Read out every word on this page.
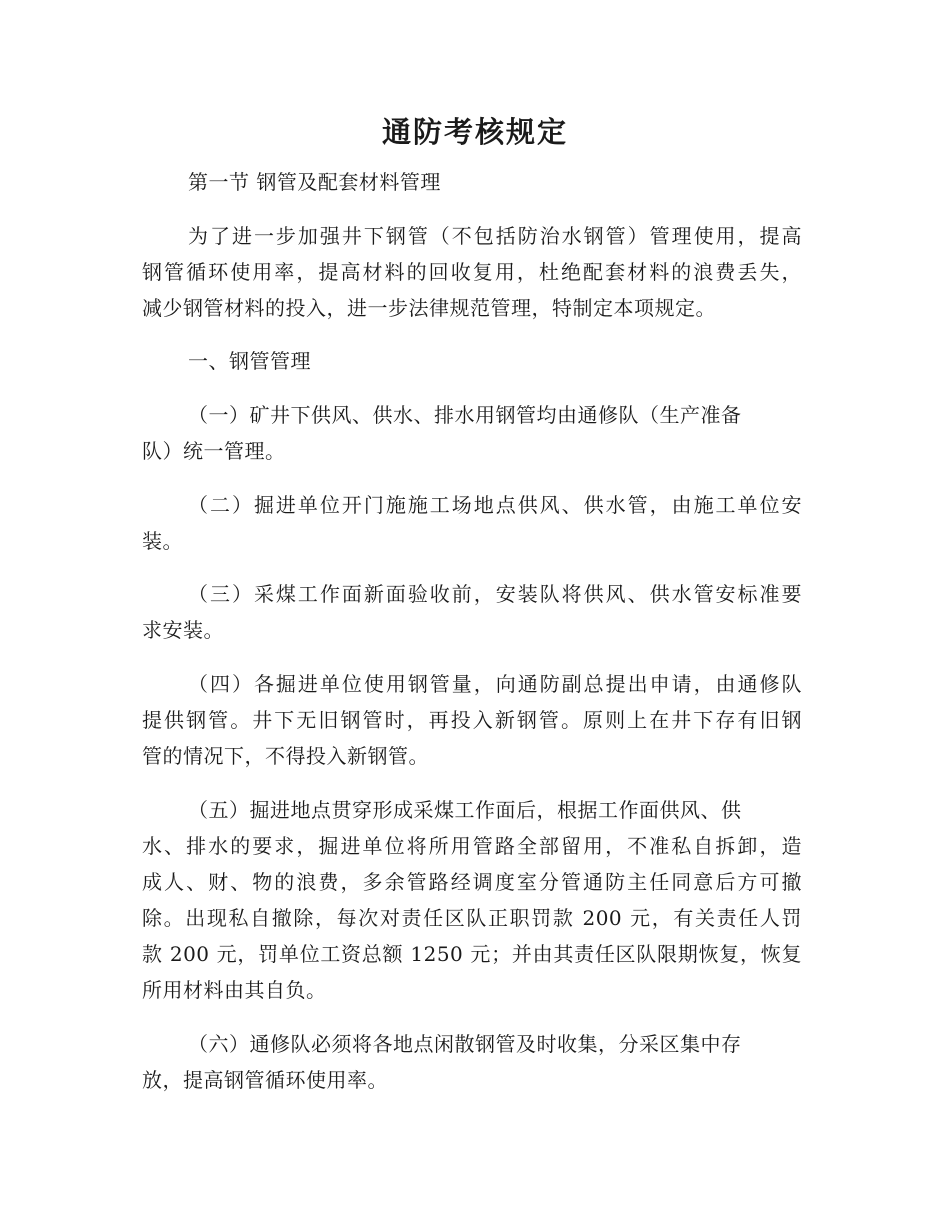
通防考核规定
第一节 钢管及配套材料管理
为了进一步加强井下钢管（不包括防治水钢管）管理使用，提高
钢管循环使用率，提高材料的回收复用，杜绝配套材料的浪费丢失，
减少钢管材料的投入，进一步法律规范管理，特制定本项规定。
一、钢管管理
（一）矿井下供风、供水、排水用钢管均由通修队（生产准备
队）统一管理。
（二）掘进单位开门施施工场地点供风、供水管，由施工单位安
装。
（三）采煤工作面新面验收前，安装队将供风、供水管安标准要
求安装。
（四）各掘进单位使用钢管量，向通防副总提出申请，由通修队
提供钢管。井下无旧钢管时，再投入新钢管。原则上在井下存有旧钢
管的情况下，不得投入新钢管。
（五）掘进地点贯穿形成采煤工作面后，根据工作面供风、供
水、排水的要求，掘进单位将所用管路全部留用，不准私自拆卸，造
成人、财、物的浪费，多余管路经调度室分管通防主任同意后方可撤
除。出现私自撤除，每次对责任区队正职罚款 200 元，有关责任人罚
款 200 元，罚单位工资总额 1250 元；并由其责任区队限期恢复，恢复
所用材料由其自负。
（六）通修队必须将各地点闲散钢管及时收集，分采区集中存
放，提高钢管循环使用率。
